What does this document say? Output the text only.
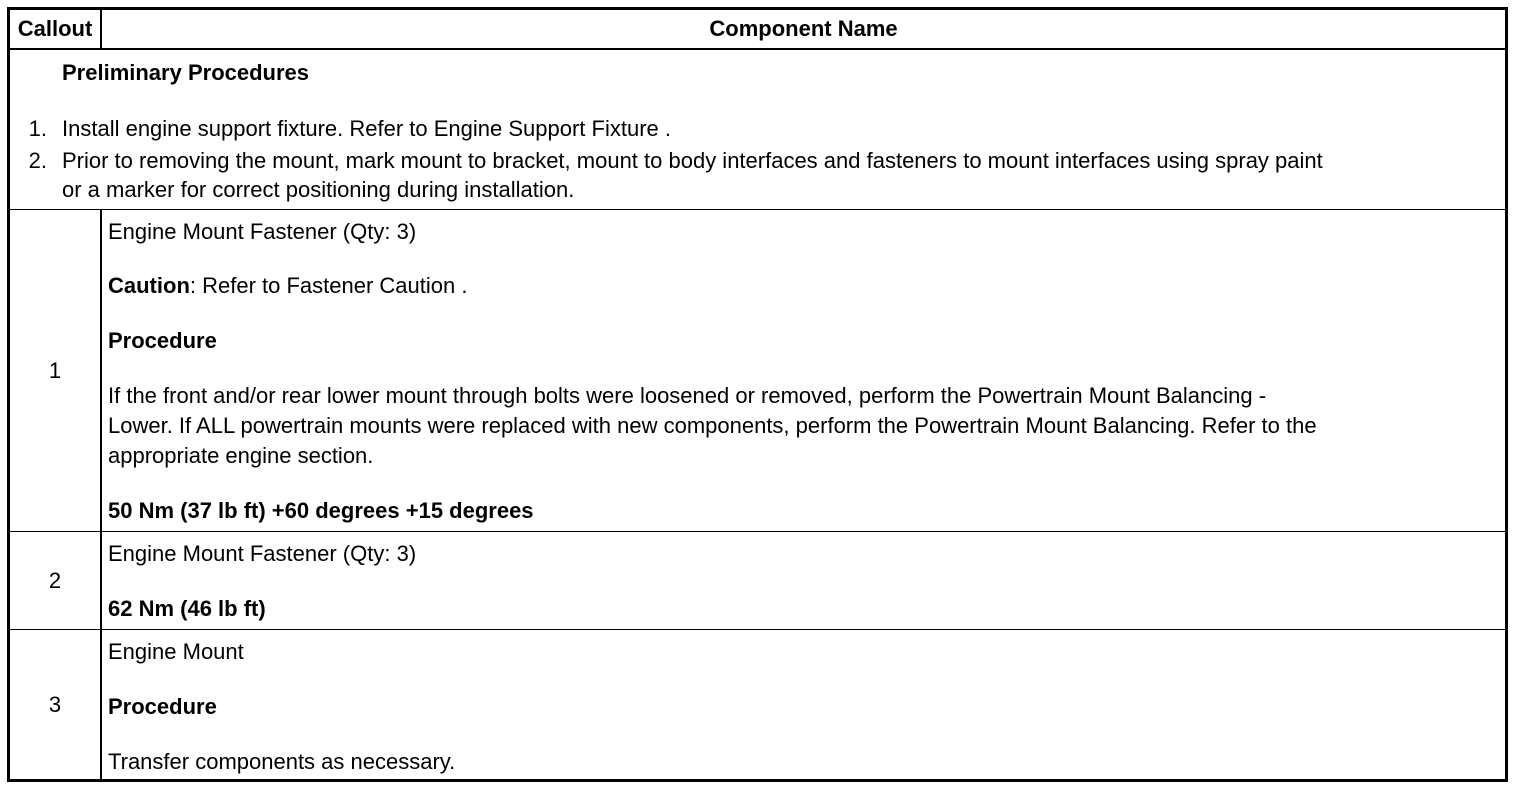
Callout	Component Name
Preliminary Procedures
1. Install engine support fixture. Refer to Engine Support Fixture .
2. Prior to removing the mount, mark mount to bracket, mount to body interfaces and fasteners to mount interfaces using spray paint
or a marker for correct positioning during installation.
1
Engine Mount Fastener (Qty: 3)
Caution: Refer to Fastener Caution .
Procedure
If the front and/or rear lower mount through bolts were loosened or removed, perform the Powertrain Mount Balancing -
Lower. If ALL powertrain mounts were replaced with new components, perform the Powertrain Mount Balancing. Refer to the
appropriate engine section.
50 Nm (37 lb ft) +60 degrees +15 degrees
2
Engine Mount Fastener (Qty: 3)
62 Nm (46 lb ft)
3
Engine Mount
Procedure
Transfer components as necessary.
